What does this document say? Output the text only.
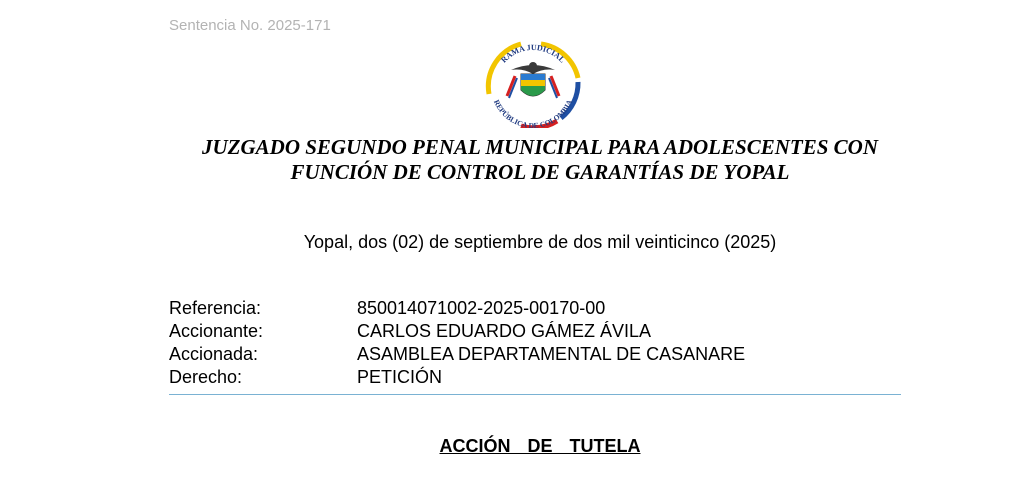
Sentencia No. 2025-171
RAMA JUDICIAL
REPÚBLICA DE COLOMBIA
JUZGADO SEGUNDO PENAL MUNICIPAL PARA ADOLESCENTES CON
FUNCIÓN DE CONTROL DE GARANTÍAS DE YOPAL
Yopal, dos (02) de septiembre de dos mil veinticinco (2025)
Referencia:	850014071002-2025-00170-00
Accionante:	CARLOS EDUARDO GÁMEZ ÁVILA
Accionada:	ASAMBLEA DEPARTAMENTAL DE CASANARE
Derecho:	PETICIÓN
ACCIÓN DE TUTELA
